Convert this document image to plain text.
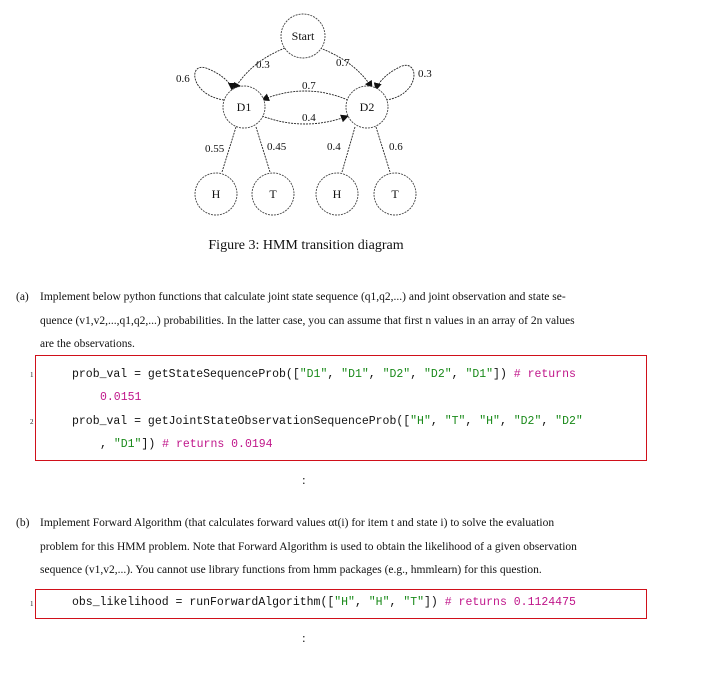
Start
D1	D2
H	T	H	T
0.3	0.7
0.6	0.3
0.7
0.4
0.55	0.45	0.4	0.6
Figure 3: HMM transition diagram
(a) Implement below python functions that calculate joint state sequence (q1,q2,...) and joint observation and state se-
quence (v1,v2,...,q1,q2,...) probabilities. In the latter case, you can assume that first n values in an array of 2n values
are the observations.
1	prob_val = getStateSequenceProb(["D1", "D1", "D2", "D2", "D1"]) # returns
0.0151
2	prob_val = getJointStateObservationSequenceProb(["H", "T", "H", "D2", "D2"
, "D1"]) # returns 0.0194
:
(b) Implement Forward Algorithm (that calculates forward values αt(i) for item t and state i) to solve the evaluation
problem for this HMM problem. Note that Forward Algorithm is used to obtain the likelihood of a given observation
sequence (v1,v2,...). You cannot use library functions from hmm packages (e.g., hmmlearn) for this question.
1	obs_likelihood = runForwardAlgorithm(["H", "H", "T"]) # returns 0.1124475
:
